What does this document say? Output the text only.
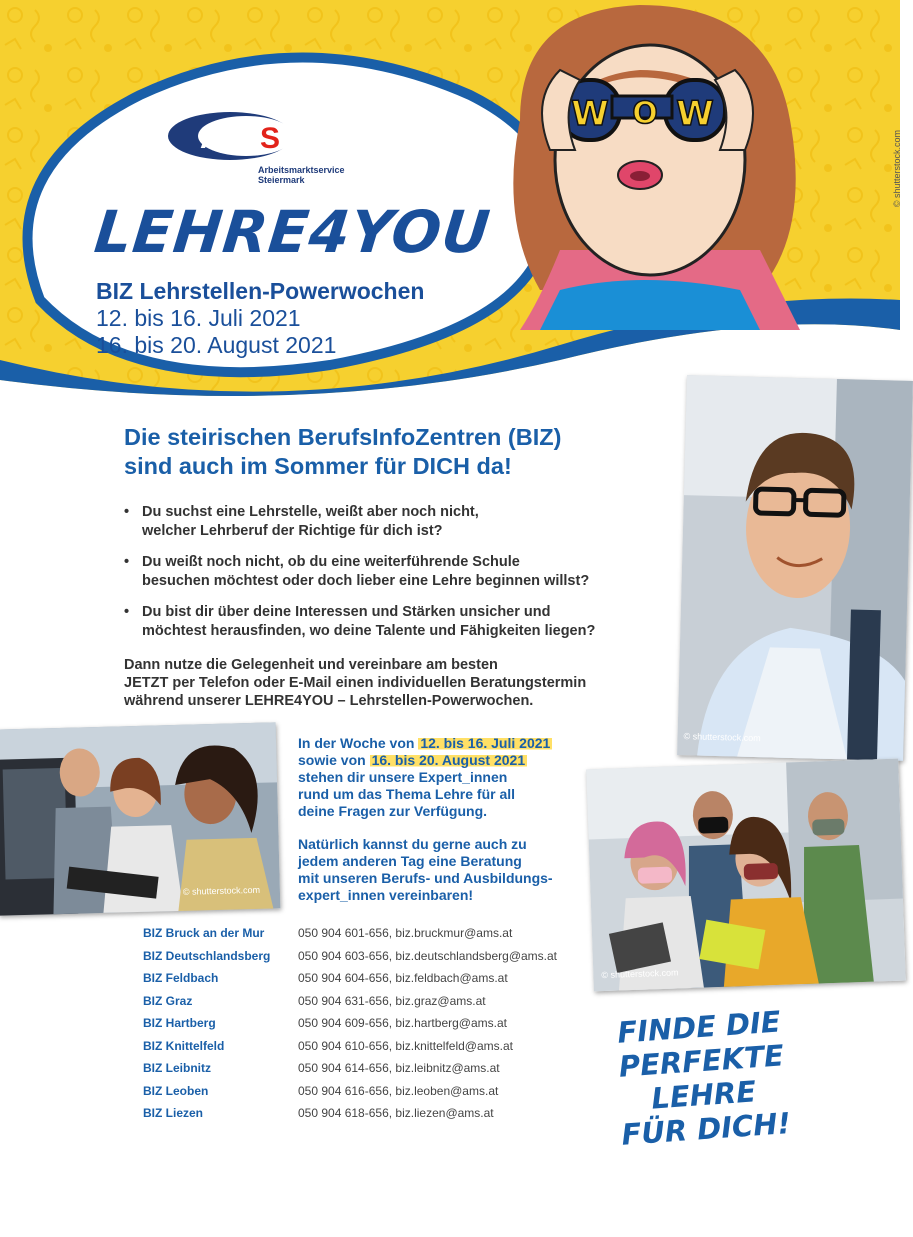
W O W
AM S
Arbeitsmarktservice
Steiermark
LEHRE4YOU
BIZ Lehrstellen-Powerwochen
12. bis 16. Juli 2021
16. bis 20. August 2021
© shutterstock.com
Die steirischen BerufsInfoZentren (BIZ)
sind auch im Sommer für DICH da!
• Du suchst eine Lehrstelle, weißt aber noch nicht,
welcher Lehrberuf der Richtige für dich ist?
• Du weißt noch nicht, ob du eine weiterführende Schule
besuchen möchtest oder doch lieber eine Lehre beginnen willst?
• Du bist dir über deine Interessen und Stärken unsicher und
möchtest herausfinden, wo deine Talente und Fähigkeiten liegen?
Dann nutze die Gelegenheit und vereinbare am besten
JETZT per Telefon oder E-Mail einen individuellen Beratungstermin
während unserer LEHRE4YOU – Lehrstellen-Powerwochen.
© shutterstock.com
© shutterstock.com
In der Woche von 12. bis 16. Juli 2021
sowie von 16. bis 20. August 2021
stehen dir unsere Expert_innen
rund um das Thema Lehre für all
deine Fragen zur Verfügung.
Natürlich kannst du gerne auch zu
jedem anderen Tag eine Beratung
mit unseren Berufs- und Ausbildungs-
expert_innen vereinbaren!
© shutterstock.com
BIZ Bruck an der Mur	050 904 601-656, biz.bruckmur@ams.at
BIZ Deutschlandsberg 050 904 603-656, biz.deutschlandsberg@ams.at
BIZ Feldbach	050 904 604-656, biz.feldbach@ams.at
BIZ Graz	050 904 631-656, biz.graz@ams.at
BIZ Hartberg	050 904 609-656, biz.hartberg@ams.at
BIZ Knittelfeld	050 904 610-656, biz.knittelfeld@ams.at
BIZ Leibnitz	050 904 614-656, biz.leibnitz@ams.at
BIZ Leoben	050 904 616-656, biz.leoben@ams.at
BIZ Liezen	050 904 618-656, biz.liezen@ams.at
FINDE DIE
PERFEKTE LEHRE
FÜR DICH!
